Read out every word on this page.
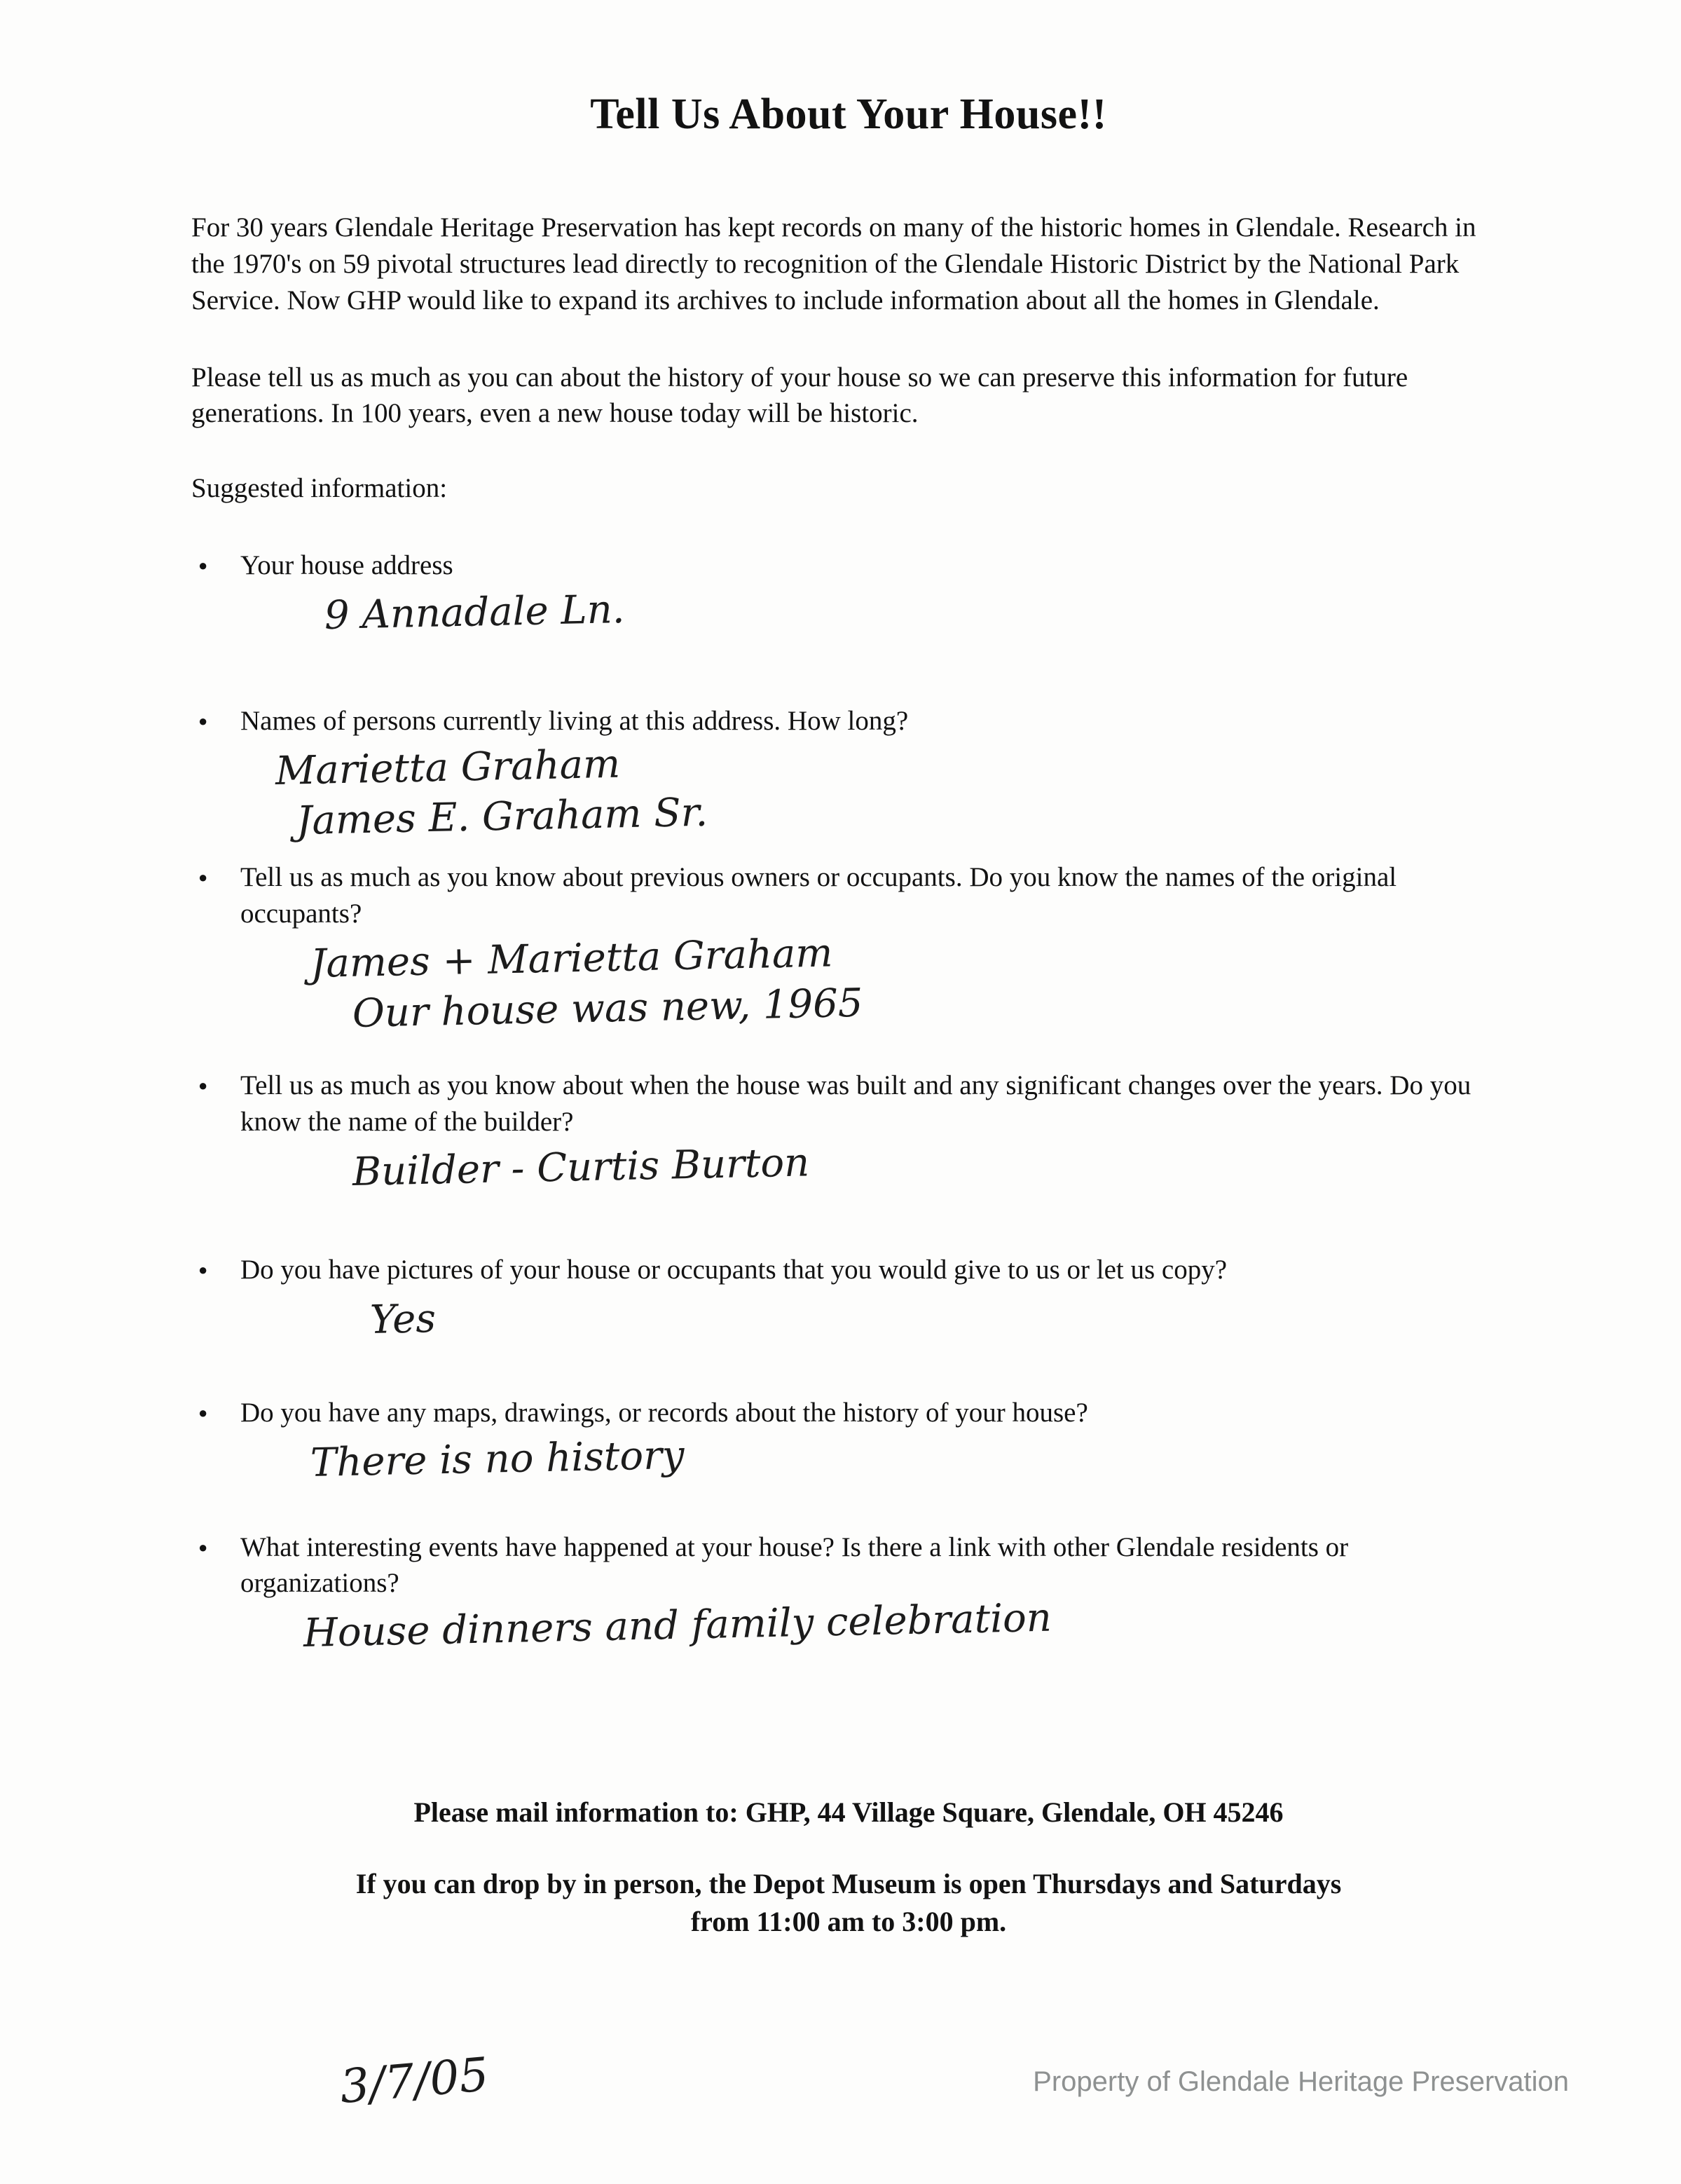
Tell Us About Your House!!

For 30 years Glendale Heritage Preservation has kept records on many of the historic homes in Glendale. Research in the 1970's on 59 pivotal structures lead directly to recognition of the Glendale Historic District by the National Park Service. Now GHP would like to expand its archives to include information about all the homes in Glendale.

Please tell us as much as you can about the history of your house so we can preserve this information for future generations. In 100 years, even a new house today will be historic.

Suggested information:

● Your house address
9 Annadale Ln.
● Names of persons currently living at this address. How long?
Marietta Graham
James E. Graham Sr.
● Tell us as much as you know about previous owners or occupants. Do you know the names of the original occupants?
James + Marietta Graham
Our house was new, 1965
● Tell us as much as you know about when the house was built and any significant changes over the years. Do you know the name of the builder?
Builder - Curtis Burton
● Do you have pictures of your house or occupants that you would give to us or let us copy?
Yes
● Do you have any maps, drawings, or records about the history of your house?
There is no history
● What interesting events have happened at your house? Is there a link with other Glendale residents or organizations?
House dinners and family celebration

Please mail information to: GHP, 44 Village Square, Glendale, OH 45246

If you can drop by in person, the Depot Museum is open Thursdays and Saturdays from 11:00 am to 3:00 pm.

3/7/05	Property of Glendale Heritage Preservation
